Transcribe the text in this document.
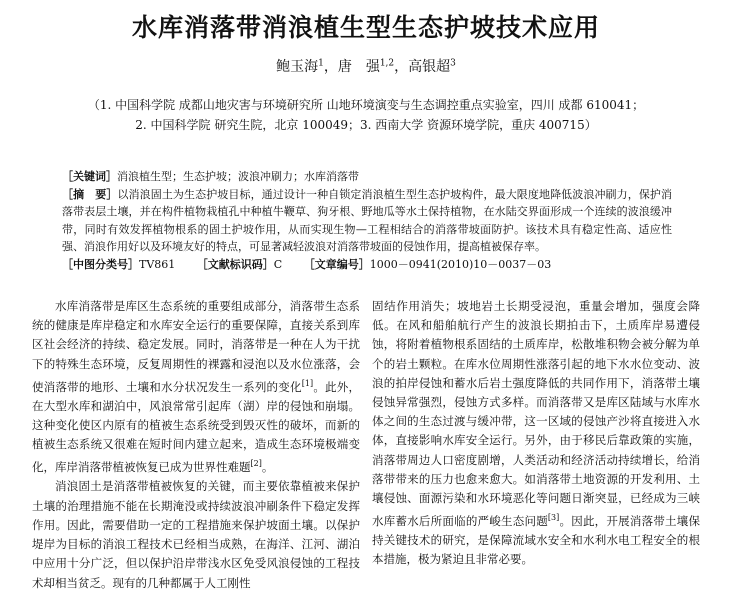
水库消落带消浪植生型生态护坡技术应用
鲍玉海$^1$，唐　强$^{1,2}$，高银超$^3$
（1. 中国科学院 成都山地灾害与环境研究所 山地环境演变与生态调控重点实验室，四川 成都 610041；
2. 中国科学院 研究生院，北京 100049；3. 西南大学 资源环境学院，重庆 400715）

［关键词］消浪植生型；生态护坡；波浪冲刷力；水库消落带

［摘　要］以消浪固土为生态护坡目标，通过设计一种自锁定消浪植生型生态护坡构件，最大限度地降低波浪冲刷力，保护消落带表层土壤，并在构件植物栽植孔中种植牛鞭草、狗牙根、野地瓜等水土保持植物，在水陆交界面形成一个连续的波浪缓冲带，同时有效发挥植物根系的固土护坡作用，从而实现生物—工程相结合的消落带坡面防护。该技术具有稳定性高、适应性强、消浪作用好以及环境友好的特点，可显著减轻波浪对消落带坡面的侵蚀作用，提高植被保存率。

［中图分类号］TV861 ［文献标识码］C ［文章编号］1000－0941(2010)10－0037－03

水库消落带是库区生态系统的重要组成部分，消落带生态系统的健康是库岸稳定和水库安全运行的重要保障，直接关系到库区社会经济的持续、稳定发展。同时，消落带是一种在人为干扰下的特殊生态环境，反复周期性的裸露和浸泡以及水位涨落，会使消落带的地形、土壤和水分状况发生一系列的变化[1]。此外，在大型水库和湖泊中，风浪常常引起库（湖）岸的侵蚀和崩塌。这种变化使区内原有的植被生态系统受到毁灭性的破坏，而新的植被生态系统又很难在短时间内建立起来，造成生态环境极端变化，库岸消落带植被恢复已成为世界性难题[2]。

消浪固土是消落带植被恢复的关键，而主要依靠植被来保护土壤的治理措施不能在长期淹没或持续波浪冲刷条件下稳定发挥作用。因此，需要借助一定的工程措施来保护坡面土壤。以保护堤岸为目标的消浪工程技术已经相当成熟，在海洋、江河、湖泊中应用十分广泛，但以保护沿岸带浅水区免受风浪侵蚀的工程技术却相当贫乏。现有的几种都属于人工刚性

固结作用消失；坡地岩土长期受浸泡，重量会增加，强度会降低。在风和船舶航行产生的波浪长期拍击下，土质库岸易遭侵蚀，将附着植物根系固结的土质库岸，松散堆积物会被分解为单个的岩土颗粒。在库水位周期性涨落引起的地下水水位变动、波浪的拍岸侵蚀和蓄水后岩土强度降低的共同作用下，消落带土壤侵蚀异常强烈，侵蚀方式多样。而消落带又是库区陆域与水库水体之间的生态过渡与缓冲带，这一区域的侵蚀产沙将直接进入水体，直接影响水库安全运行。另外，由于移民后靠政策的实施，消落带周边人口密度剧增，人类活动和经济活动持续增长，给消落带带来的压力也愈来愈大。如消落带土地资源的开发利用、土壤侵蚀、面源污染和水环境恶化等问题日渐突显，已经成为三峡水库蓄水后所面临的严峻生态问题[3]。因此，开展消落带土壤保持关键技术的研究，是保障流域水安全和水利水电工程安全的根本措施，极为紧迫且非常必要。
